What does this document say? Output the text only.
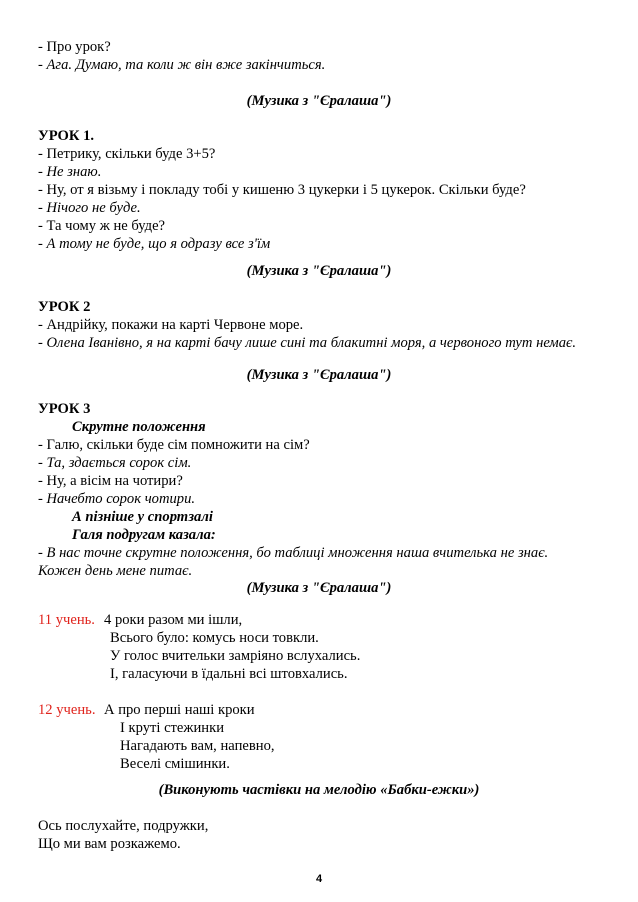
- Про урок?
- Ага. Думаю, та коли ж він вже закінчиться.
(Музика з "Єралаша")
УРОК 1.
- Петрику, скільки буде 3+5?
- Не знаю.
- Ну, от я візьму і покладу тобі у кишеню 3 цукерки і 5 цукерок. Скільки буде?
- Нічого не буде.
- Та чому ж не буде?
- А тому не буде, що я одразу все з'їм
(Музика з "Єралаша")
УРОК 2
- Андрійку, покажи на карті Червоне море.
- Олена Іванівно, я на карті бачу лише сині та блакитні моря, а червоного тут немає.
(Музика з "Єралаша")
УРОК 3
Скрутне положення
- Галю, скільки буде сім помножити на сім?
- Та, здається сорок сім.
- Ну, а вісім на чотири?
- Начебто сорок чотири.
А пізніше у спортзалі
Галя подругам казала:
- В нас точне скрутне положення, бо таблиці множення наша вчителька не знає.
Кожен день мене питає.
(Музика з "Єралаша")
11 учень. 4 роки разом ми ішли,
Всього було: комусь носи товкли.
У голос вчительки замріяно вслухались.
І, галасуючи в їдальні всі штовхались.
12 учень. А про перші наші кроки
І круті стежинки
Нагадають вам, напевно,
Веселі смішинки.
(Виконують частівки на мелодію «Бабки-ежки»)
Ось послухайте, подружки,
Що ми вам розкажемо.
4
